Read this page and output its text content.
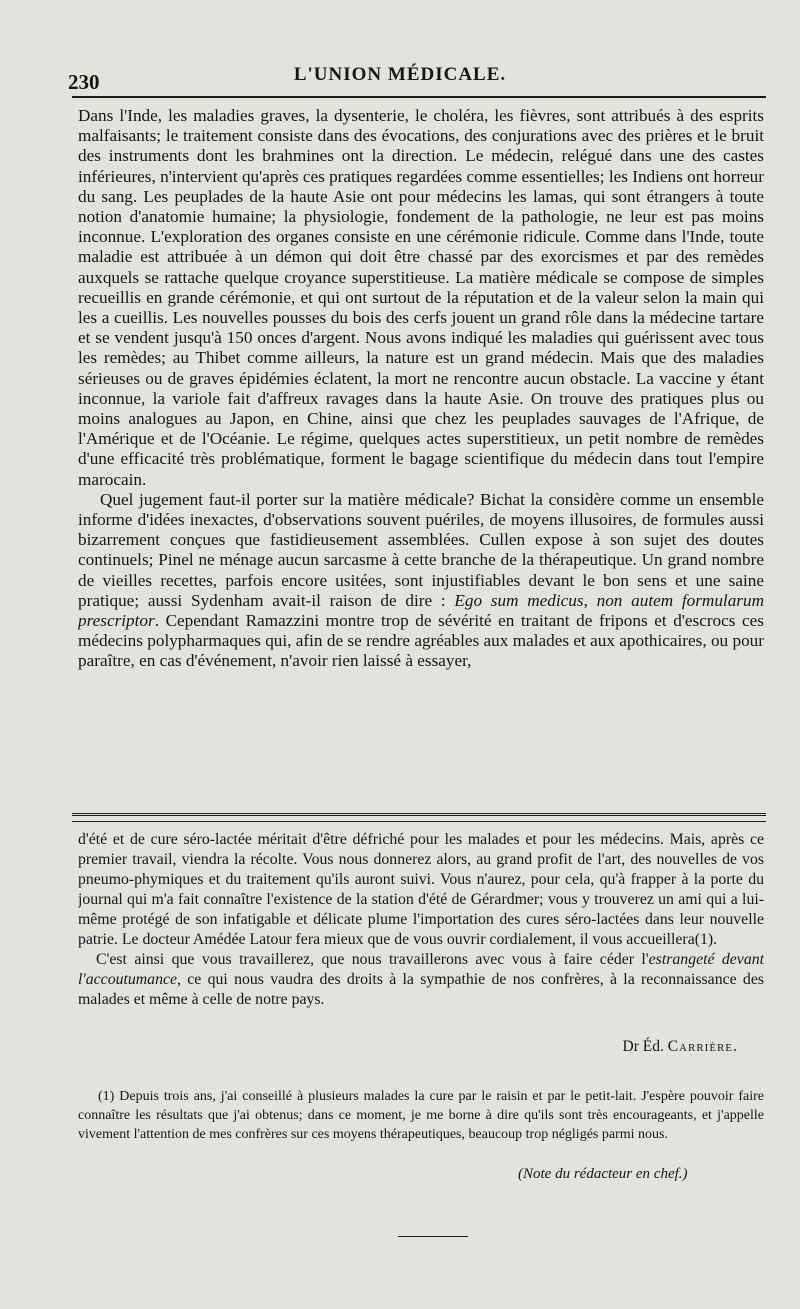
230	L'UNION MÉDICALE.

Dans l'Inde, les maladies graves, la dysenterie, le choléra, les fièvres, sont attribués à des esprits malfaisants; le traitement consiste dans des évocations, des conjurations avec des prières et le bruit des instruments dont les brahmines ont la direction. Le médecin, relégué dans une des castes inférieures, n'intervient qu'après ces pratiques regardées comme essentielles; les Indiens ont horreur du sang. Les peuplades de la haute Asie ont pour médecins les lamas, qui sont étrangers à toute notion d'anatomie humaine; la physiologie, fondement de la pathologie, ne leur est pas moins inconnue. L'exploration des organes consiste en une cérémonie ridicule. Comme dans l'Inde, toute maladie est attribuée à un démon qui doit être chassé par des exorcismes et par des remèdes auxquels se rattache quelque croyance superstitieuse. La matière médicale se compose de simples recueillis en grande cérémonie, et qui ont surtout de la réputation et de la valeur selon la main qui les a cueillis. Les nouvelles pousses du bois des cerfs jouent un grand rôle dans la médecine tartare et se vendent jusqu'à 150 onces d'argent. Nous avons indiqué les maladies qui guérissent avec tous les remèdes; au Thibet comme ailleurs, la nature est un grand médecin. Mais que des maladies sérieuses ou de graves épidémies éclatent, la mort ne rencontre aucun obstacle. La vaccine y étant inconnue, la variole fait d'affreux ravages dans la haute Asie. On trouve des pratiques plus ou moins analogues au Japon, en Chine, ainsi que chez les peuplades sauvages de l'Afrique, de l'Amérique et de l'Océanie. Le régime, quelques actes superstitieux, un petit nombre de remèdes d'une efficacité très problématique, forment le bagage scientifique du médecin dans tout l'empire marocain.

Quel jugement faut-il porter sur la matière médicale? Bichat la considère comme un ensemble informe d'idées inexactes, d'observations souvent puériles, de moyens illusoires, de formules aussi bizarrement conçues que fastidieusement assemblées. Cullen expose à son sujet des doutes continuels; Pinel ne ménage aucun sarcasme à cette branche de la thérapeutique. Un grand nombre de vieilles recettes, parfois encore usitées, sont injustifiables devant le bon sens et une saine pratique; aussi Sydenham avait-il raison de dire : Ego sum medicus, non autem formularum prescriptor. Cependant Ramazzini montre trop de sévérité en traitant de fripons et d'escrocs ces médecins polypharmaques qui, afin de se rendre agréables aux malades et aux apothicaires, ou pour paraître, en cas d'événement, n'avoir rien laissé à essayer,

d'été et de cure séro-lactée méritait d'être défriché pour les malades et pour les médecins. Mais, après ce premier travail, viendra la récolte. Vous nous donnerez alors, au grand profit de l'art, des nouvelles de vos pneumo-phymiques et du traitement qu'ils auront suivi. Vous n'aurez, pour cela, qu'à frapper à la porte du journal qui m'a fait connaître l'existence de la station d'été de Gérardmer; vous y trouverez un ami qui a lui-même protégé de son infatigable et délicate plume l'importation des cures séro-lactées dans leur nouvelle patrie. Le docteur Amédée Latour fera mieux que de vous ouvrir cordialement, il vous accueillera(1).

C'est ainsi que vous travaillerez, que nous travaillerons avec vous à faire céder l'estrangeté devant l'accoutumance, ce qui nous vaudra des droits à la sympathie de nos confrères, à la reconnaissance des malades et même à celle de notre pays.

Dr Éd. Carrière.

(1) Depuis trois ans, j'ai conseillé à plusieurs malades la cure par le raisin et par le petit-lait. J'espère pouvoir faire connaître les résultats que j'ai obtenus; dans ce moment, je me borne à dire qu'ils sont très encourageants, et j'appelle vivement l'attention de mes confrères sur ces moyens thérapeutiques, beaucoup trop négligés parmi nous.

(Note du rédacteur en chef.)
